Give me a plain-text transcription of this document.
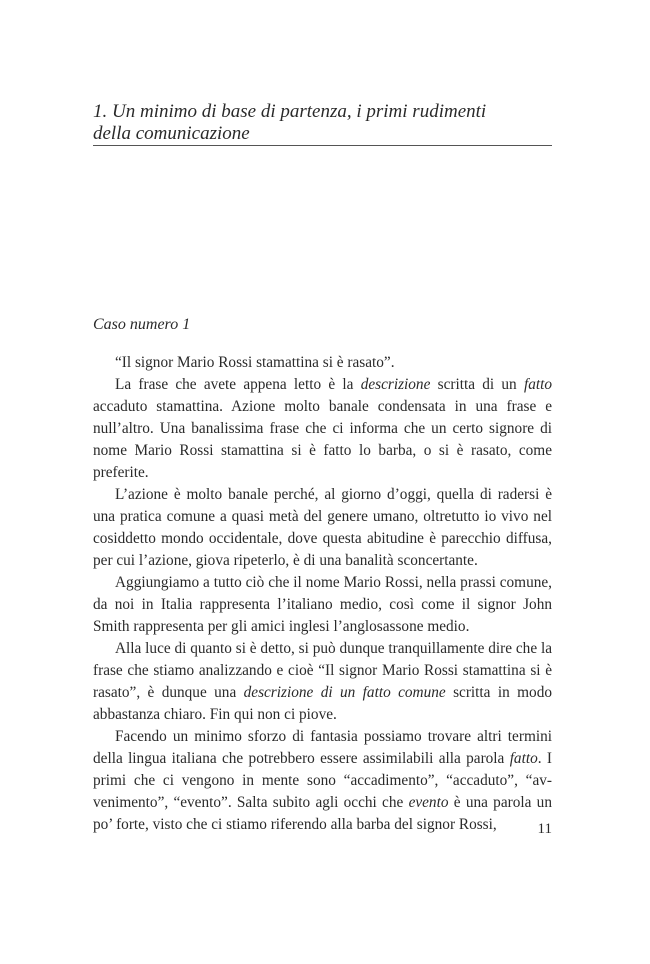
1. Un minimo di base di partenza, i primi rudimenti
della comunicazione
Caso numero 1

“Il signor Mario Rossi stamattina si è rasato”.

La frase che avete appena letto è la descrizione scritta di un fatto accaduto stamattina. Azione molto banale condensata in una frase e null’altro. Una banalissima frase che ci informa che un certo signore di nome Mario Rossi stamattina si è fatto lo barba, o si è rasato, come preferite.

L’azione è molto banale perché, al giorno d’oggi, quella di radersi è una pratica comune a quasi metà del genere umano, oltretutto io vivo nel cosiddetto mondo occidentale, dove questa abitudine è parecchio diffusa, per cui l’azione, giova ripeterlo, è di una banalità sconcertante.

Aggiungiamo a tutto ciò che il nome Mario Rossi, nella prassi comune, da noi in Italia rappresenta l’italiano medio, così come il signor John Smith rappresenta per gli amici inglesi l’anglosassone medio.

Alla luce di quanto si è detto, si può dunque tranquillamente dire che la frase che stiamo analizzando e cioè “Il signor Mario Rossi stamattina si è rasato”, è dunque una descrizione di un fatto comune scritta in modo abbastanza chiaro. Fin qui non ci piove.

Facendo un minimo sforzo di fantasia possiamo trovare altri termini della lingua italiana che potrebbero essere assimilabili alla parola fatto. I primi che ci vengono in mente sono “accadimento”, “accaduto”, “avvenimento”, “evento”. Salta subito agli occhi che evento è una parola un po’ forte, visto che ci stiamo riferendo alla barba del signor Rossi,	11
